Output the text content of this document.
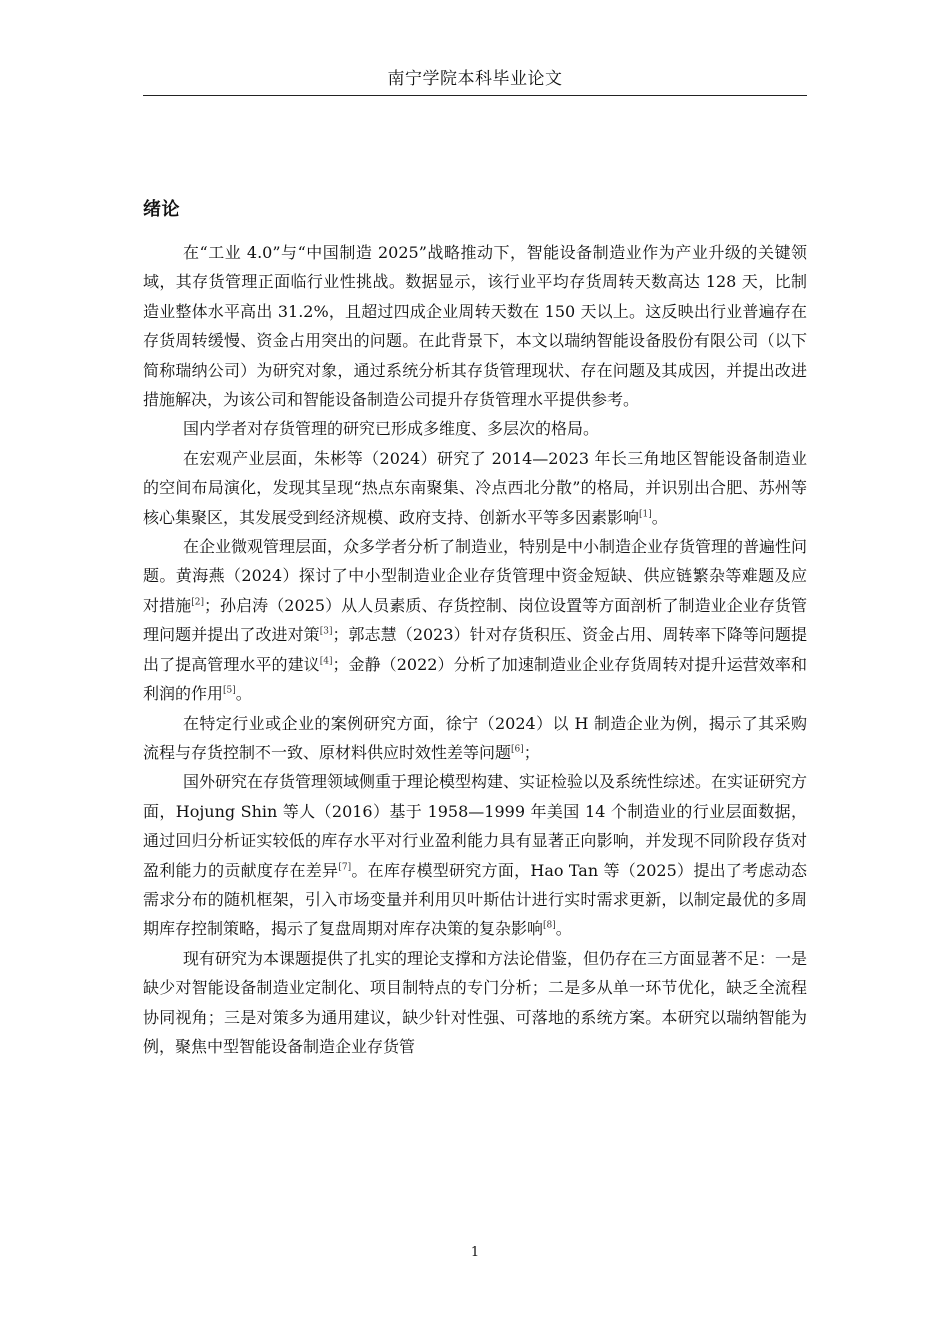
南宁学院本科毕业论文
绪论

在“工业 4.0”与“中国制造 2025”战略推动下，智能设备制造业作为产业升级的关键领域，其存货管理正面临行业性挑战。数据显示，该行业平均存货周转天数高达 128 天，比制造业整体水平高出 31.2%，且超过四成企业周转天数在 150 天以上。这反映出行业普遍存在存货周转缓慢、资金占用突出的问题。在此背景下，本文以瑞纳智能设备股份有限公司（以下简称瑞纳公司）为研究对象，通过系统分析其存货管理现状、存在问题及其成因，并提出改进措施解决，为该公司和智能设备制造公司提升存货管理水平提供参考。

国内学者对存货管理的研究已形成多维度、多层次的格局。

在宏观产业层面，朱彬等（2024）研究了 2014—2023 年长三角地区智能设备制造业的空间布局演化，发现其呈现“热点东南聚集、冷点西北分散”的格局，并识别出合肥、苏州等核心集聚区，其发展受到经济规模、政府支持、创新水平等多因素影响[1]。

在企业微观管理层面，众多学者分析了制造业，特别是中小制造企业存货管理的普遍性问题。黄海燕（2024）探讨了中小型制造业企业存货管理中资金短缺、供应链繁杂等难题及应对措施[2]；孙启涛（2025）从人员素质、存货控制、岗位设置等方面剖析了制造业企业存货管理问题并提出了改进对策[3]；郭志慧（2023）针对存货积压、资金占用、周转率下降等问题提出了提高管理水平的建议[4]；金静（2022）分析了加速制造业企业存货周转对提升运营效率和利润的作用[5]。

在特定行业或企业的案例研究方面，徐宁（2024）以 H 制造企业为例，揭示了其采购流程与存货控制不一致、原材料供应时效性差等问题[6]；

国外研究在存货管理领域侧重于理论模型构建、实证检验以及系统性综述。在实证研究方面，Hojung Shin 等人（2016）基于 1958—1999 年美国 14 个制造业的行业层面数据，通过回归分析证实较低的库存水平对行业盈利能力具有显著正向影响，并发现不同阶段存货对盈利能力的贡献度存在差异[7]。在库存模型研究方面，Hao Tan 等（2025）提出了考虑动态需求分布的随机框架，引入市场变量并利用贝叶斯估计进行实时需求更新，以制定最优的多周期库存控制策略，揭示了复盘周期对库存决策的复杂影响[8]。

现有研究为本课题提供了扎实的理论支撑和方法论借鉴，但仍存在三方面显著不足：一是缺少对智能设备制造业定制化、项目制特点的专门分析；二是多从单一环节优化，缺乏全流程协同视角；三是对策多为通用建议，缺少针对性强、可落地的系统方案。本研究以瑞纳智能为例，聚焦中型智能设备制造企业存货管

1
